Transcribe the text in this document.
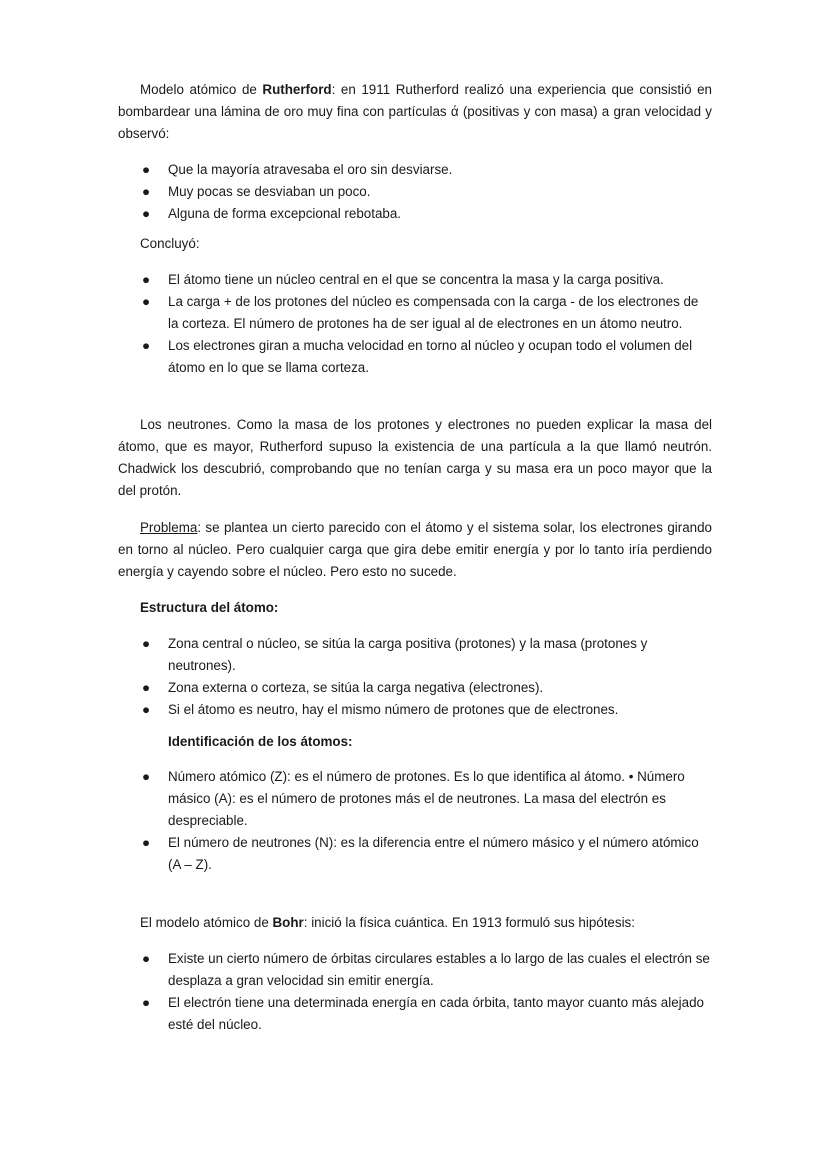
Modelo atómico de Rutherford: en 1911 Rutherford realizó una experiencia que consistió en bombardear una lámina de oro muy fina con partículas ά (positivas y con masa) a gran velocidad y observó:

● Que la mayoría atravesaba el oro sin desviarse.
● Muy pocas se desviaban un poco.
● Alguna de forma excepcional rebotaba.

Concluyó:

● El átomo tiene un núcleo central en el que se concentra la masa y la carga positiva.
● La carga + de los protones del núcleo es compensada con la carga - de los electrones de la corteza. El número de protones ha de ser igual al de electrones en un átomo neutro.
● Los electrones giran a mucha velocidad en torno al núcleo y ocupan todo el volumen del átomo en lo que se llama corteza.

Los neutrones. Como la masa de los protones y electrones no pueden explicar la masa del átomo, que es mayor, Rutherford supuso la existencia de una partícula a la que llamó neutrón. Chadwick los descubrió, comprobando que no tenían carga y su masa era un poco mayor que la del protón.

Problema: se plantea un cierto parecido con el átomo y el sistema solar, los electrones girando en torno al núcleo. Pero cualquier carga que gira debe emitir energía y por lo tanto iría perdiendo energía y cayendo sobre el núcleo. Pero esto no sucede.

Estructura del átomo:

● Zona central o núcleo, se sitúa la carga positiva (protones) y la masa (protones y neutrones).
● Zona externa o corteza, se sitúa la carga negativa (electrones).
● Si el átomo es neutro, hay el mismo número de protones que de electrones.

Identificación de los átomos:

● Número atómico (Z): es el número de protones. Es lo que identifica al átomo. • Número másico (A): es el número de protones más el de neutrones. La masa del electrón es despreciable.
● El número de neutrones (N): es la diferencia entre el número másico y el número atómico (A – Z).

El modelo atómico de Bohr: inició la física cuántica. En 1913 formuló sus hipótesis:

● Existe un cierto número de órbitas circulares estables a lo largo de las cuales el electrón se desplaza a gran velocidad sin emitir energía.
● El electrón tiene una determinada energía en cada órbita, tanto mayor cuanto más alejado esté del núcleo.
